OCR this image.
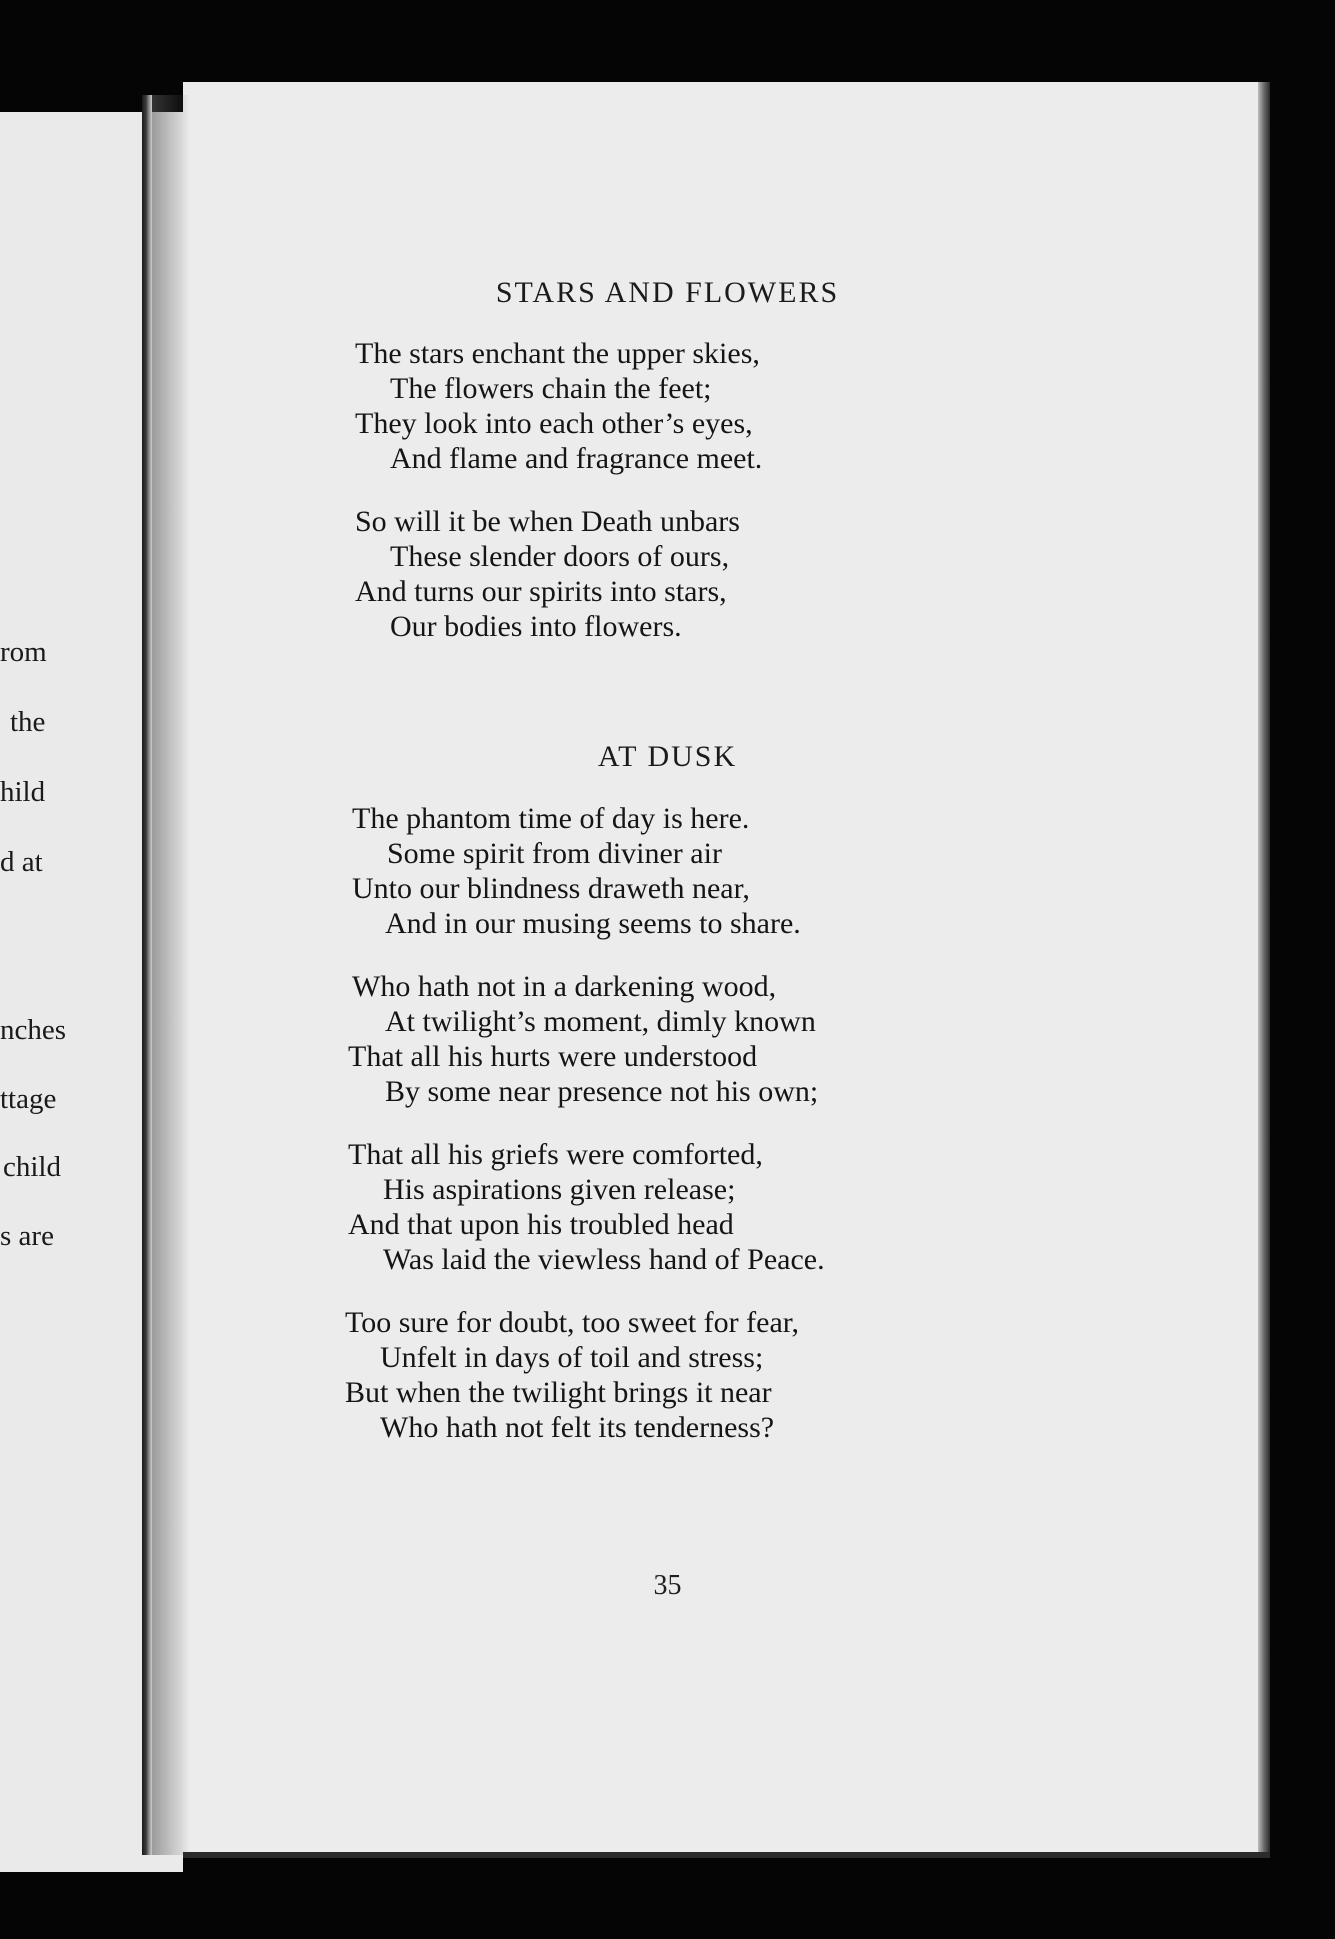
rom
the
hild
d at
nches
ttage
child
s are
STARS AND FLOWERS
The stars enchant the upper skies,
The flowers chain the feet;
They look into each other’s eyes,
And flame and fragrance meet.
So will it be when Death unbars
These slender doors of ours,
And turns our spirits into stars,
Our bodies into flowers.
AT DUSK
The phantom time of day is here.
Some spirit from diviner air
Unto our blindness draweth near,
And in our musing seems to share.
Who hath not in a darkening wood,
At twilight’s moment, dimly known
That all his hurts were understood
By some near presence not his own;
That all his griefs were comforted,
His aspirations given release;
And that upon his troubled head
Was laid the viewless hand of Peace.
Too sure for doubt, too sweet for fear,
Unfelt in days of toil and stress;
But when the twilight brings it near
Who hath not felt its tenderness?
35
